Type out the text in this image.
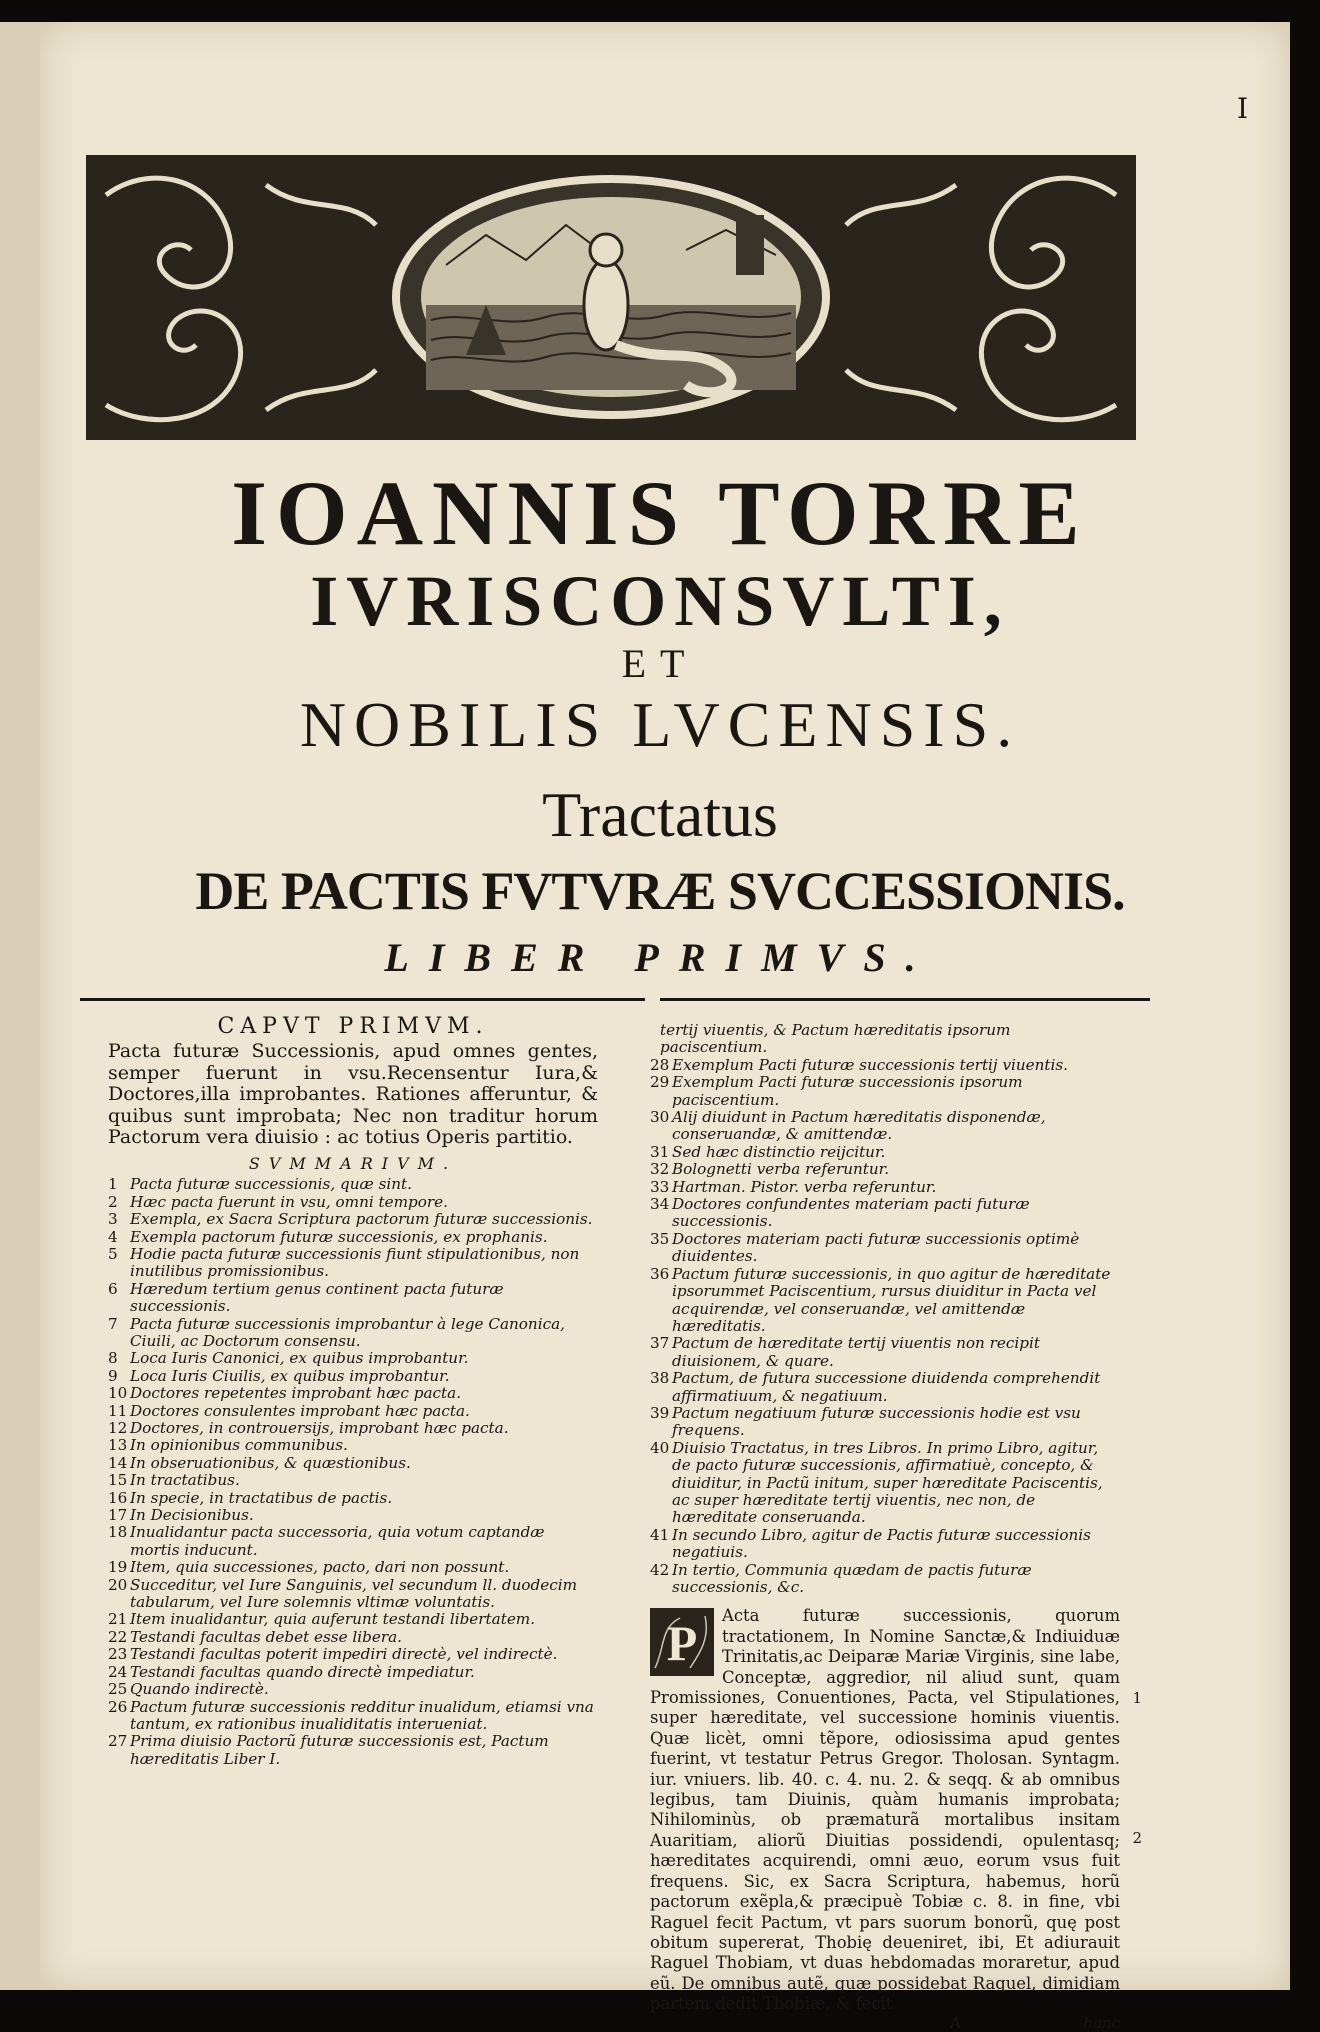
I
IOANNIS TORRE
IVRISCONSVLTI,
ET
NOBILIS LVCENSIS.
Tractatus
DE PACTIS FVTVRÆ SVCCESSIONIS.
LIBER PRIMVS.
CAPVT PRIMVM.
Pacta futuræ Successionis, apud omnes gentes, semper fuerunt in vsu.Recensentur Iura,& Doctores,illa improbantes. Rationes afferuntur, & quibus sunt improbata; Nec non traditur horum Pactorum vera diuisio : ac totius Operis partitio.
SVMMARIVM.
1 Pacta futuræ successionis, quæ sint.
2 Hæc pacta fuerunt in vsu, omni tempore.
3 Exempla, ex Sacra Scriptura pactorum futuræ successionis.
4 Exempla pactorum futuræ successionis, ex prophanis.
5 Hodie pacta futuræ successionis fiunt stipulationibus, non inutilibus promissionibus.
6 Hæredum tertium genus continent pacta futuræ successionis.
7 Pacta futuræ successionis improbantur à lege Canonica, Ciuili, ac Doctorum consensu.
8 Loca Iuris Canonici, ex quibus improbantur.
9 Loca Iuris Ciuilis, ex quibus improbantur.
10 Doctores repetentes improbant hæc pacta.
11 Doctores consulentes improbant hæc pacta.
12 Doctores, in controuersijs, improbant hæc pacta.
13 In opinionibus communibus.
14 In obseruationibus, & quæstionibus.
15 In tractatibus.
16 In specie, in tractatibus de pactis.
17 In Decisionibus.
18 Inualidantur pacta successoria, quia votum captandæ mortis inducunt.
19 Item, quia successiones, pacto, dari non possunt.
20 Succeditur, vel Iure Sanguinis, vel secundum ll. duodecim tabularum, vel Iure solemnis vltimæ voluntatis.
21 Item inualidantur, quia auferunt testandi libertatem.
22 Testandi facultas debet esse libera.
23 Testandi facultas poterit impediri directè, vel indirectè.
24 Testandi facultas quando directè impediatur.
25 Quando indirectè.
26 Pactum futuræ successionis redditur inualidum, etiamsi vna tantum, ex rationibus inualiditatis interueniat.
27 Prima diuisio Pactorũ futuræ successionis est, Pactum hæreditatis Liber I.
tertij viuentis, & Pactum hæreditatis ipsorum paciscentium.
28 Exemplum Pacti futuræ successionis tertij viuentis.
29 Exemplum Pacti futuræ successionis ipsorum paciscentium.
30 Alij diuidunt in Pactum hæreditatis disponendæ, conseruandæ, & amittendæ.
31 Sed hæc distinctio reijcitur.
32 Bolognetti verba referuntur.
33 Hartman. Pistor. verba referuntur.
34 Doctores confundentes materiam pacti futuræ successionis.
35 Doctores materiam pacti futuræ successionis optimè diuidentes.
36 Pactum futuræ successionis, in quo agitur de hæreditate ipsorummet Paciscentium, rursus diuiditur in Pacta vel acquirendæ, vel conseruandæ, vel amittendæ hæreditatis.
37 Pactum de hæreditate tertij viuentis non recipit diuisionem, & quare.
38 Pactum, de futura successione diuidenda comprehendit affirmatiuum, & negatiuum.
39 Pactum negatiuum futuræ successionis hodie est vsu frequens.
40 Diuisio Tractatus, in tres Libros. In primo Libro, agitur, de pacto futuræ successionis, affirmatiuè, concepto, & diuiditur, in Pactũ initum, super hæreditate Paciscentis, ac super hæreditate tertij viuentis, nec non, de hæreditate conseruanda.
41 In secundo Libro, agitur de Pactis futuræ successionis negatiuis.
42 In tertio, Communia quædam de pactis futuræ successionis, &c.
P Acta futuræ successionis, quorum tractationem, In Nomine Sanctæ,& Indiuiduæ Trinitatis,ac Deiparæ Mariæ Virginis, sine labe, Conceptæ, aggredior, nil aliud sunt, quam Promissiones, Conuentiones, Pacta, vel Stipulationes, super hæreditate, vel successione hominis viuentis. Quæ licèt, omni tẽpore, odiosissima apud gentes fuerint, vt testatur Petrus Gregor. Tholosan. Syntagm. iur. vniuers. lib. 40. c. 4. nu. 2. & seqq. & ab omnibus legibus, tam Diuinis, quàm humanis improbata; Nihilominùs, ob præmaturã mortalibus insitam Auaritiam, aliorũ Diuitias possidendi, opulentasq; hæreditates acquirendi, omni æuo, eorum vsus fuit frequens. Sic, ex Sacra Scriptura, habemus, horũ pactorum exẽpla,& præcipuè Tobiæ c. 8. in fine, vbi Raguel fecit Pactum, vt pars suorum bonorũ, quę post obitum supererat, Thobię deueniret, ibi, Et adiurauit Raguel Thobiam, vt duas hebdomadas moraretur, apud eũ. De omnibus autẽ, quæ possidebat Raguel, dimidiam partem dedit Thobiæ, & fecit
1
2
A	hanc
